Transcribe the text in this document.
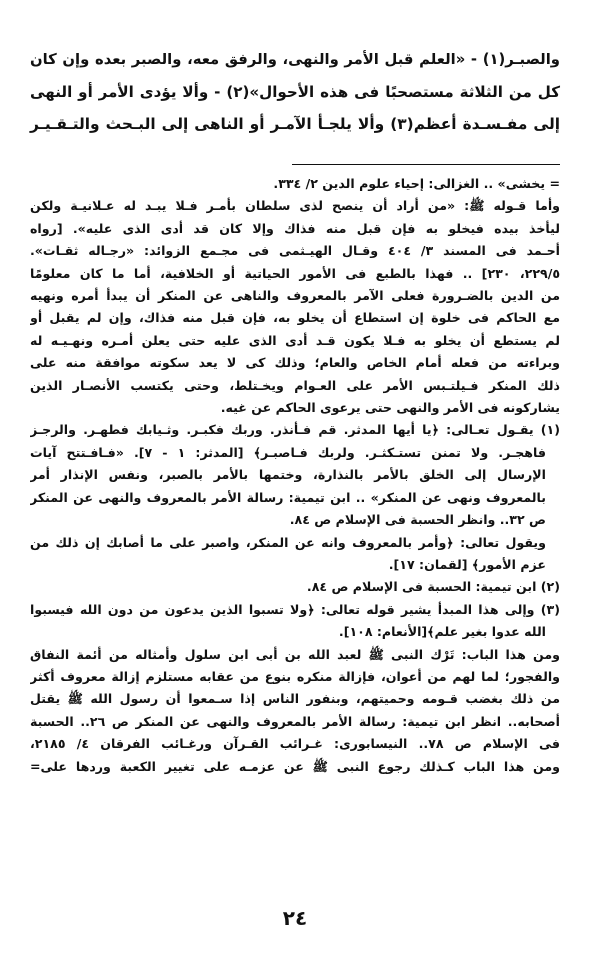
والصبـر(١) - «العلم قبل الأمر والنهى، والرفق معه، والصبر بعده وإن كان
كل من الثلاثة مستصحبًا فى هذه الأحوال»(٢) - وألا يؤدى الأمر أو النهى
إلى مفـسـدة أعظم(٣) وألا يلجـأ الآمـر أو الناهى إلى البـحث والتـقـيـر
= يخشى» .. الغزالى: إحياء علوم الدين ٢/ ٣٣٤.
وأما قـوله ﷺ: «من أراد أن ينصح لذى سلطان بأمـر فـلا يبـد له عـلانيـة ولكن
ليأخذ بيده فيخلو به فإن قبل منه فذاك وإلا كان قد أدى الذى عليه». [رواه
أحـمد فى المسند ٣/ ٤٠٤ وقـال الهيـثمى فى مجـمع الزوائد: «رجـاله ثقـات».
٢٢٩/٥، ٢٣٠] .. فهذا بالطبع فى الأمور الحياتية أو الخلافية، أما ما كان معلومًا
من الدين بالضـرورة فعلى الآمر بالمعروف والناهى عن المنكر أن يبدأ أمره ونهيه
مع الحاكم فى خلوة إن استطاع أن يخلو به، فإن قبل منه فذاك، وإن لم يقبل أو
لم يستطع أن يخلو به فـلا يكون قـد أدى الذى عليه حتى يعلن أمـره ونهـيـه له
وبراءته من فعله أمام الخاص والعام؛ وذلك كى لا يعد سكوته موافقة منه على
ذلك المنكر فـيلتـبس الأمر على العـوام ويخـتلط، وحتى يكتسب الأنصـار الذين
يشاركونه فى الأمر والنهى حتى يرعوى الحاكم عن غيه.
(١) يقـول تعـالى: ﴿يا أيها المدثر. قم فـأنذر. وربك فكبـر. وثـيابك فطهـر. والرجـز
فاهجـر. ولا تمنن تستـكثـر. ولربك فـاصبـر﴾ [المدثر: ١ - ٧]. «فـافـتتح آيات
الإرسال إلى الخلق بالأمر بالنذارة، وختمها بالأمر بالصبر، ونفس الإنذار أمر
بالمعروف ونهى عن المنكر» .. ابن تيمية: رسالة الأمر بالمعروف والنهى عن المنكر
ص ٣٢.. وانظر الحسبة فى الإسلام ص ٨٤.
ويقول تعالى: ﴿وأمر بالمعروف وانه عن المنكر، واصبر على ما أصابك إن ذلك من
عزم الأمور﴾ [لقمان: ١٧].
(٢) ابن تيمية: الحسبة فى الإسلام ص ٨٤.
(٣) وإلى هذا المبدأ يشير قوله تعالى: ﴿ولا تسبوا الذين يدعون من دون الله فيسبوا
الله عدوا بغير علم﴾[الأنعام: ١٠٨].
ومن هذا الباب: تَرْك النبى ﷺ لعبد الله بن أبى ابن سلول وأمثاله من أئمة النفاق
والفجور؛ لما لهم من أعوان، فإزالة منكره بنوع من عقابه مستلزم إزالة معروف أكثر
من ذلك بغضب قـومه وحميتهم، وبنفور الناس إذا سـمعوا أن رسول الله ﷺ يقتل
أصحابه.. انظر ابن تيمية: رسالة الأمر بالمعروف والنهى عن المنكر ص ٢٦.. الحسبة
فى الإسلام ص ٧٨.. النيسابورى: غـرائب القـرآن ورغـائب الفرقان ٤/ ٢١٨٥،
ومن هذا الباب كـذلك رجوع النبى ﷺ عن عزمـه على تغيير الكعبة وردها على=
٢٤
